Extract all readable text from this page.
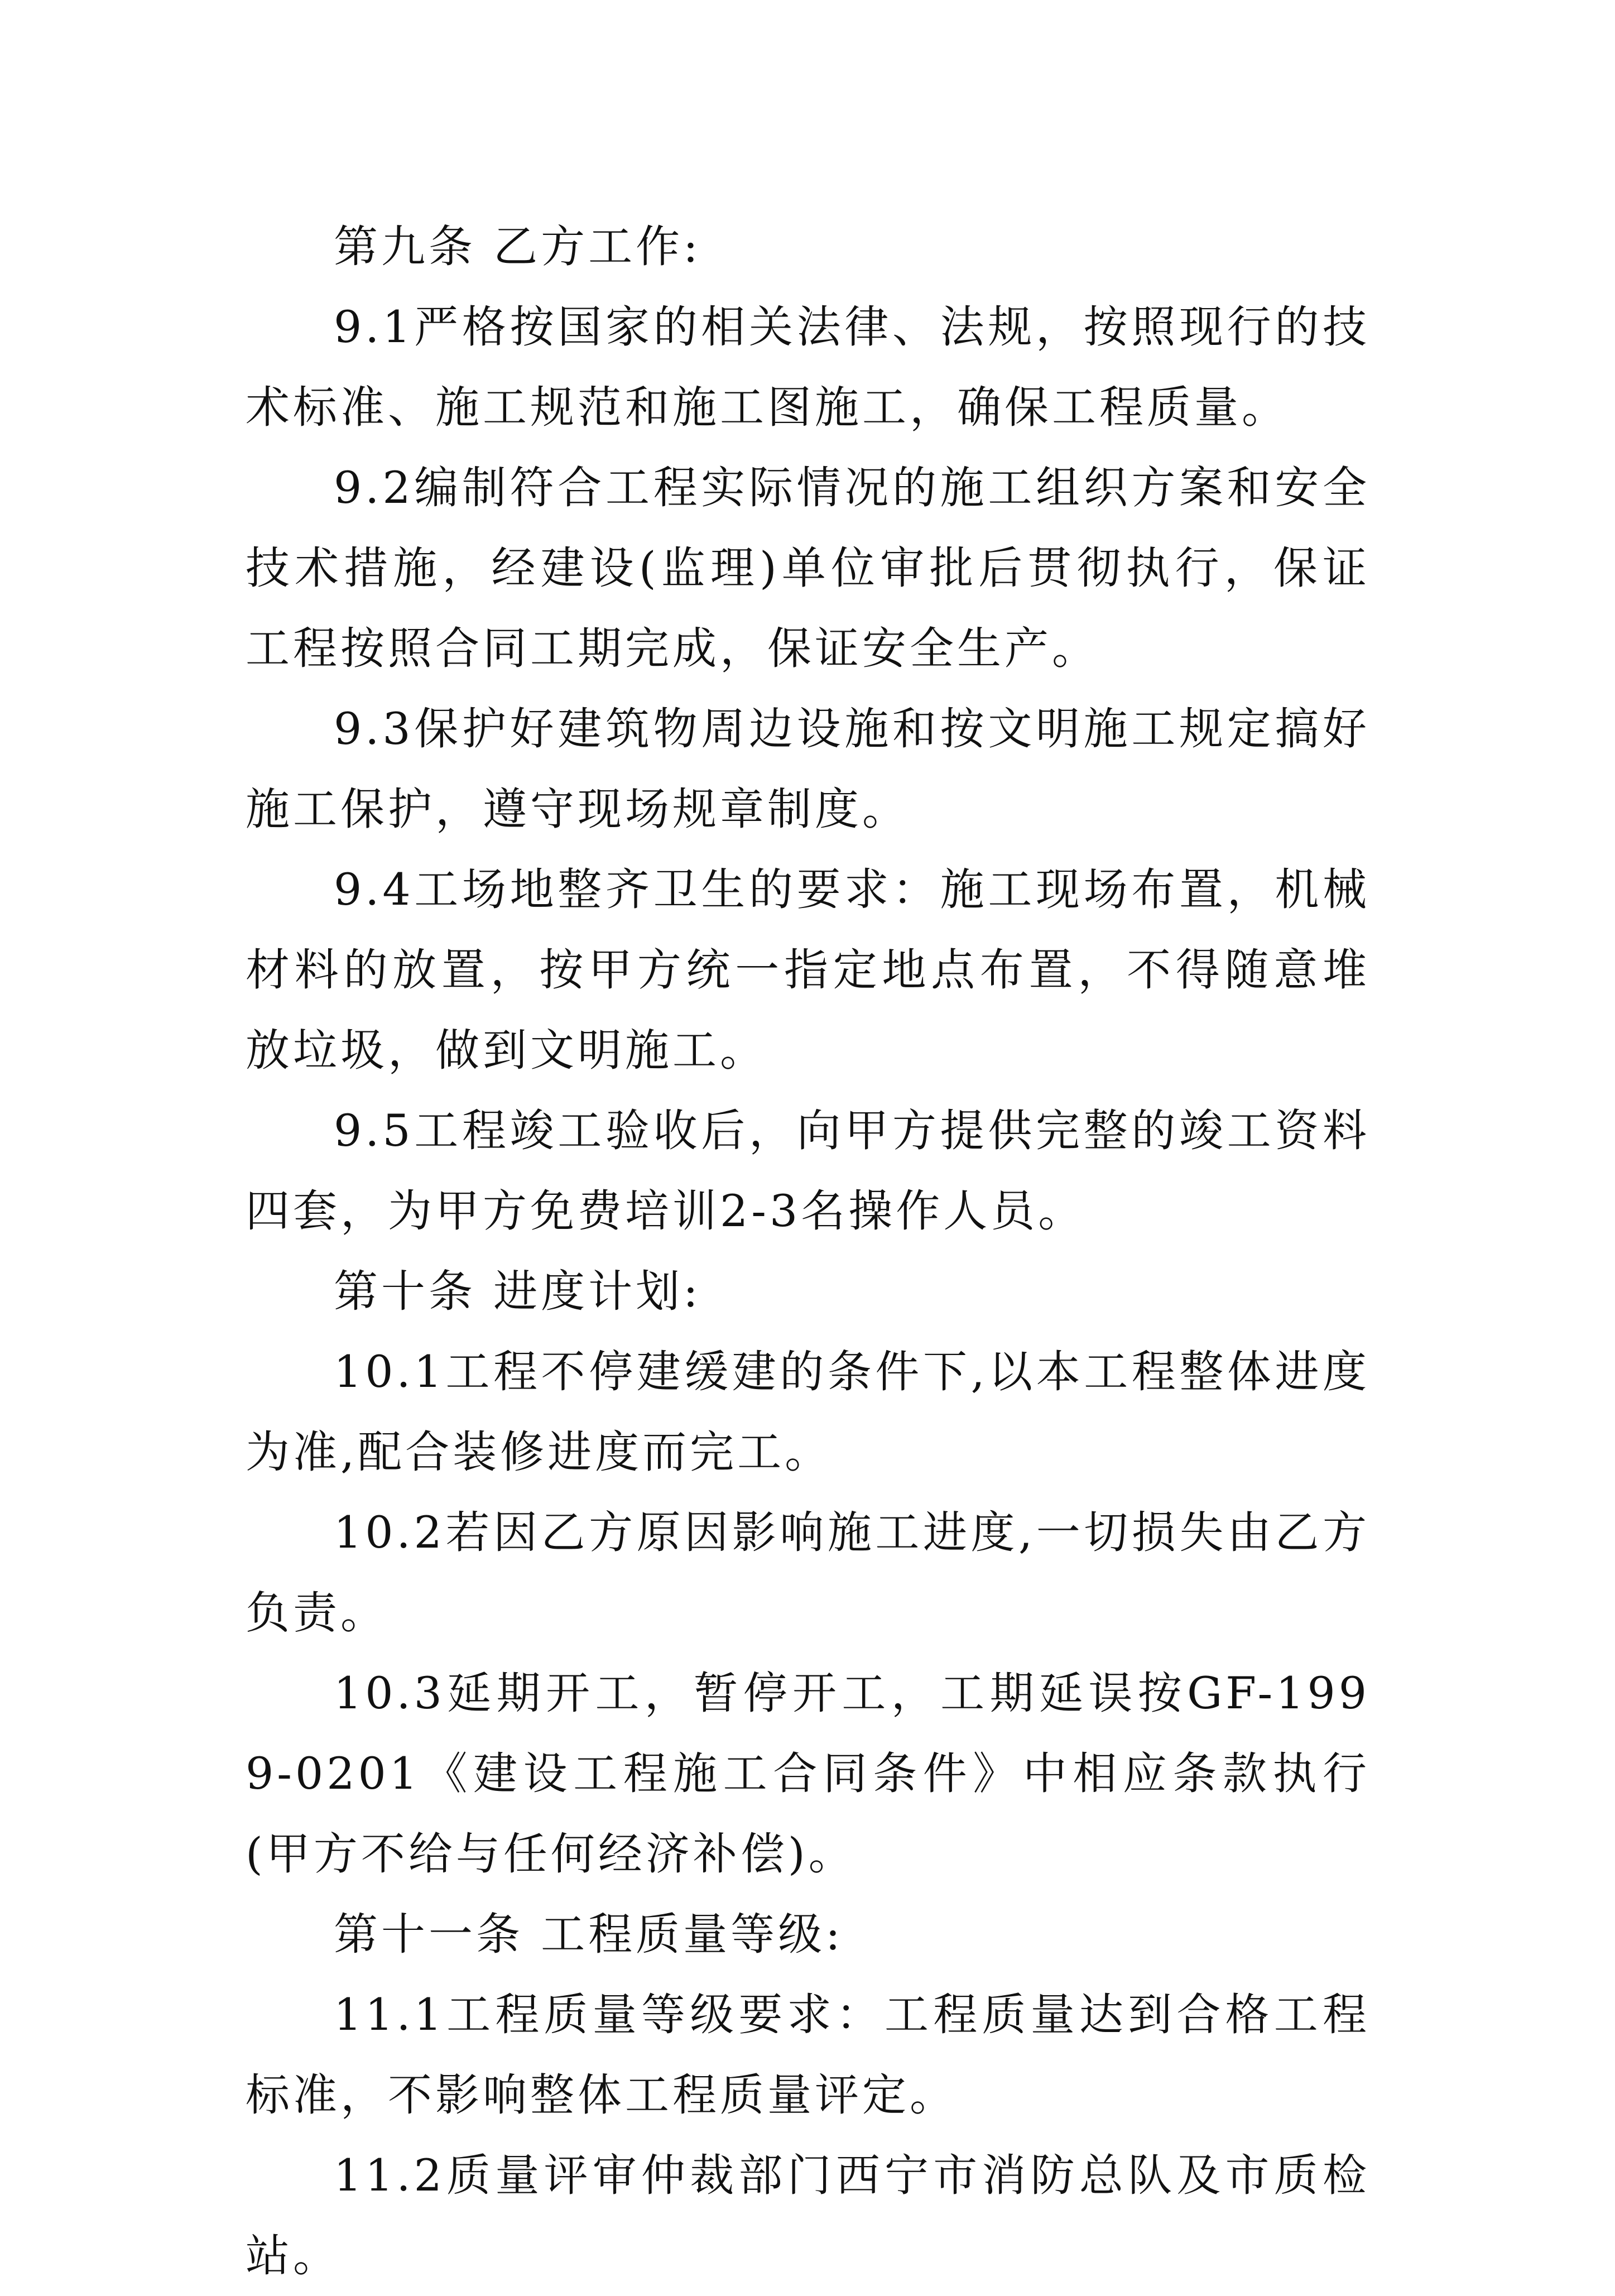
第九条 乙方工作:

9.1严格按国家的相关法律、法规，按照现行的技术标准、施工规范和施工图施工，确保工程质量。

9.2编制符合工程实际情况的施工组织方案和安全技术措施，经建设(监理)单位审批后贯彻执行，保证工程按照合同工期完成，保证安全生产。

9.3保护好建筑物周边设施和按文明施工规定搞好施工保护，遵守现场规章制度。

9.4工场地整齐卫生的要求：施工现场布置，机械材料的放置，按甲方统一指定地点布置，不得随意堆放垃圾，做到文明施工。

9.5工程竣工验收后，向甲方提供完整的竣工资料四套，为甲方免费培训2-3名操作人员。

第十条 进度计划:

10.1工程不停建缓建的条件下,以本工程整体进度为准,配合装修进度而完工。

10.2若因乙方原因影响施工进度,一切损失由乙方负责。

10.3延期开工，暂停开工，工期延误按GF-1999-0201《建设工程施工合同条件》中相应条款执行(甲方不给与任何经济补偿)。

第十一条 工程质量等级:

11.1工程质量等级要求：工程质量达到合格工程标准，不影响整体工程质量评定。

11.2质量评审仲裁部门西宁市消防总队及市质检站。
